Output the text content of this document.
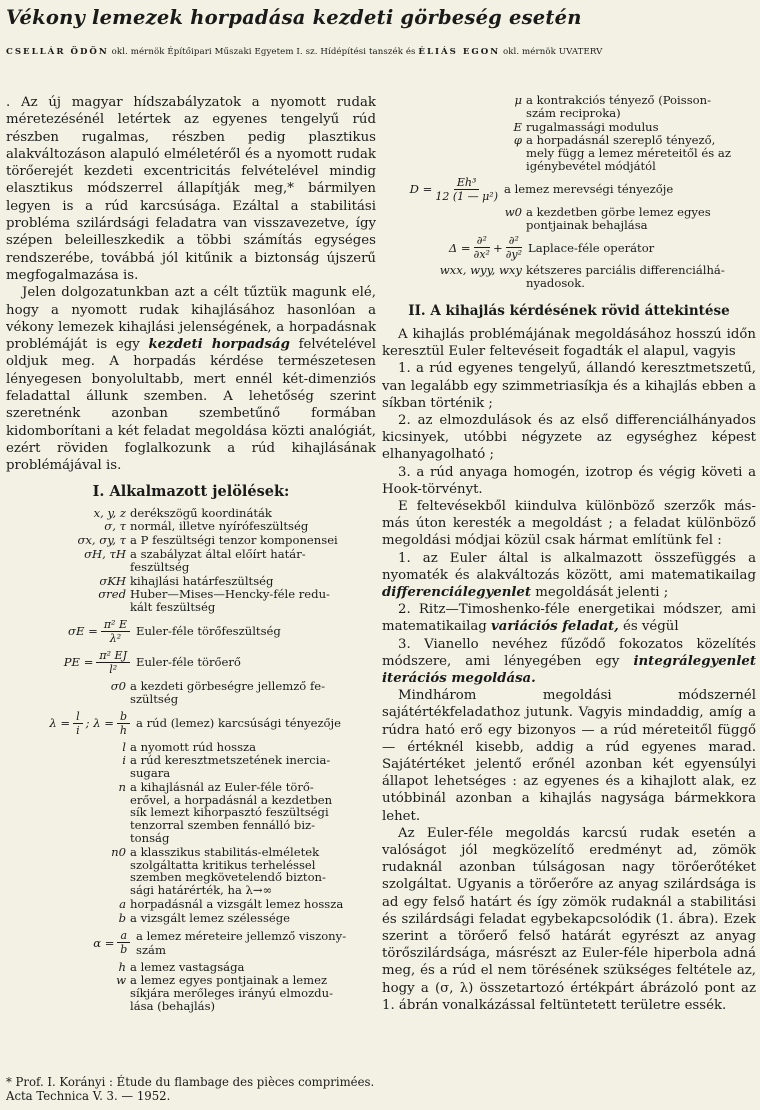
Vékony lemezek horpadása kezdeti görbeség esetén
CSELLÁR ÖDÖN okl. mérnök Építőipari Műszaki Egyetem I. sz. Hídépítési tanszék és ÉLIÁS EGON okl. mérnök UVATERV

. Az új magyar hídszabályzatok a nyomott rudak méretezésénél letértek az egyenes tengelyű rúd részben rugalmas, részben pedig plasztikus alakváltozáson alapuló elméletéről és a nyomott rudak törőerejét kezdeti excentricitás felvételével mindig elasztikus módszerrel állapítják meg,* bármilyen legyen is a rúd karcsúsága. Ezáltal a stabilitási probléma szilárdsági feladatra van visszavezetve, így szépen beleilleszkedik a többi számítás egységes rendszerébe, továbbá jól kitűnik a biztonság újszerű megfogalmazása is.

Jelen dolgozatunkban azt a célt tűztük magunk elé, hogy a nyomott rudak kihajlásához hasonlóan a vékony lemezek kihajlási jelenségének, a horpadásnak problémáját is egy kezdeti horpadság felvételével oldjuk meg. A horpadás kérdése természetesen lényegesen bonyolultabb, mert ennél két-dimenziós feladattal állunk szemben. A lehetőség szerint szeretnénk azonban szembetűnő formában kidomborítani a két feladat megoldása közti analógiát, ezért röviden foglalkozunk a rúd kihajlásának problémájával is.

I. Alkalmazott jelölések:
x, y, z derékszögű koordináták
σ, τ normál, illetve nyírófeszültség
σx, σy, τ a P feszültségi tenzor komponensei
σH, τH a szabályzat által előírt határ-
feszültség
σKH kihajlási határfeszültség
σred Huber—Mises—Hencky-féle redu-
kált feszültség
$\sigma E = \frac{\text{π² E}}{\text{λ²}}$ Euler-féle törőfeszültség
PE = $\frac{\text{π² EJ}}{\text{l²}}$ Euler-féle törőerő
σ0 a kezdeti görbeségre jellemző fe-
szültség
$\lambda = \frac{l}{i}$ ; $\lambda = \frac{b}{h}$ a rúd (lemez) karcsúsági tényezője
l a nyomott rúd hossza
i a rúd keresztmetszetének inercia-
sugara
n a kihajlásnál az Euler-féle törő-
erővel, a horpadásnál a kezdetben
sík lemezt kihorpasztó feszültségi
tenzorral szemben fennálló biz-
tonság
n0 a klasszikus stabilitás-elméletek
szolgáltatta kritikus terheléssel
szemben megkövetelendő bizton-
sági határérték, ha λ→∞
a horpadásnál a vizsgált lemez hossza
b a vizsgált lemez szélessége
$\alpha = \frac{a}{b}$ a lemez méreteire jellemző viszony-
szám
h a lemez vastagsága
w a lemez egyes pontjainak a lemez
síkjára merőleges irányú elmozdu-
lása (behajlás)
* Prof. I. Korányi : Étude du flambage des pièces comprimées. Acta Technica V. 3. — 1952.
μ a kontrakciós tényező (Poisson-
szám reciproka)
E rugalmassági modulus
φ a horpadásnál szereplő tényező,
mely függ a lemez méreteitől és az
igénybevétel módjától
$D = \frac{\text{Eh³}}{\text{12 (1 — μ²)}}$ a lemez merevségi tényezője
w0 a kezdetben görbe lemez egyes
pontjainak behajlása
$\Delta = \frac{\text{∂²}}{\text{∂x²}} + \frac{\text{∂²}}{\text{∂y²}}$ Laplace-féle operátor
wxx, wyy, wxy kétszeres parciális differenciálhá-
nyadosok.
II. A kihajlás kérdésének rövid áttekintése

A kihajlás problémájának megoldásához hosszú időn keresztül Euler feltevéseit fogadták el alapul, vagyis

1. a rúd egyenes tengelyű, állandó keresztmetszetű, van legalább egy szimmetriasíkja és a kihajlás ebben a síkban történik ;

2. az elmozdulások és az első differenciálhányados kicsinyek, utóbbi négyzete az egységhez képest elhanyagolható ;

3. a rúd anyaga homogén, izotrop és végig követi a Hook-törvényt.

E feltevésekből kiindulva különböző szerzők más-más úton keresték a megoldást ; a feladat különböző megoldási módjai közül csak hármat említünk fel :

1. az Euler által is alkalmazott összefüggés a nyomaték és alakváltozás között, ami matematikailag differenciálegyenlet megoldását jelenti ;

2. Ritz—Timoshenko-féle energetikai módszer, ami matematikailag variációs feladat, és végül

3. Vianello nevéhez fűződő fokozatos közelítés módszere, ami lényegében egy integrálegyenlet iterációs megoldása.

Mindhárom megoldási módszernél sajátértékfeladathoz jutunk. Vagyis mindaddig, amíg a rúdra ható erő egy bizonyos — a rúd méreteitől függő — értéknél kisebb, addig a rúd egyenes marad. Sajátértéket jelentő erőnél azonban két egyensúlyi állapot lehetséges : az egyenes és a kihajlott alak, ez utóbbinál azonban a kihajlás nagysága bármekkora lehet.

Az Euler-féle megoldás karcsú rudak esetén a valóságot jól megközelítő eredményt ad, zömök rudaknál azonban túlságosan nagy törőerőtéket szolgáltat. Ugyanis a törőerőre az anyag szilárdsága is ad egy felső határt és így zömök rudaknál a stabilitási és szilárdsági feladat egybekapcsolódik (1. ábra). Ezek szerint a törőerő felső határát egyrészt az anyag törőszilárdsága, másrészt az Euler-féle hiperbola adná meg, és a rúd el nem törésének szükséges feltétele az, hogy a (σ, λ) összetartozó értékpárt ábrázoló pont az 1. ábrán vonalkázással feltüntetett területre essék.
